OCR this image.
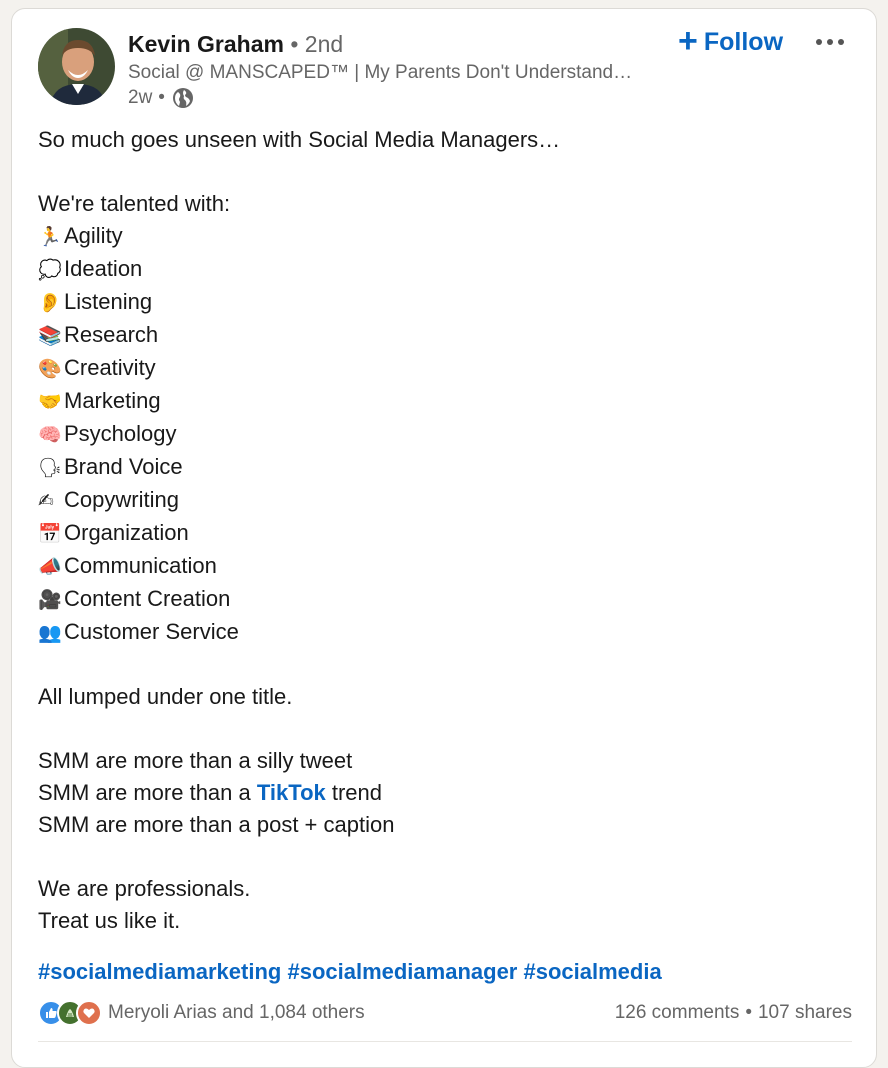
Kevin Graham • 2nd
Social @ MANSCAPED™ | My Parents Don't Understand…
2w •
+ Follow
So much goes unseen with Social Media Managers…
We're talented with:
🏃 Agility
💭 Ideation
👂 Listening
📚 Research
🎨 Creativity
🤝 Marketing
🧠 Psychology
🗣Brand Voice
✍ Copywriting
📅 Organization
📣 Communication
🎥 Content Creation
👥 Customer Service
All lumped under one title.
SMM are more than a silly tweet
SMM are more than a TikTok trend
SMM are more than a post + caption
We are professionals.
Treat us like it.
#socialmediamarketing #socialmediamanager #socialmedia
Meryoli Arias and 1,084 others	126 comments • 107 shares
